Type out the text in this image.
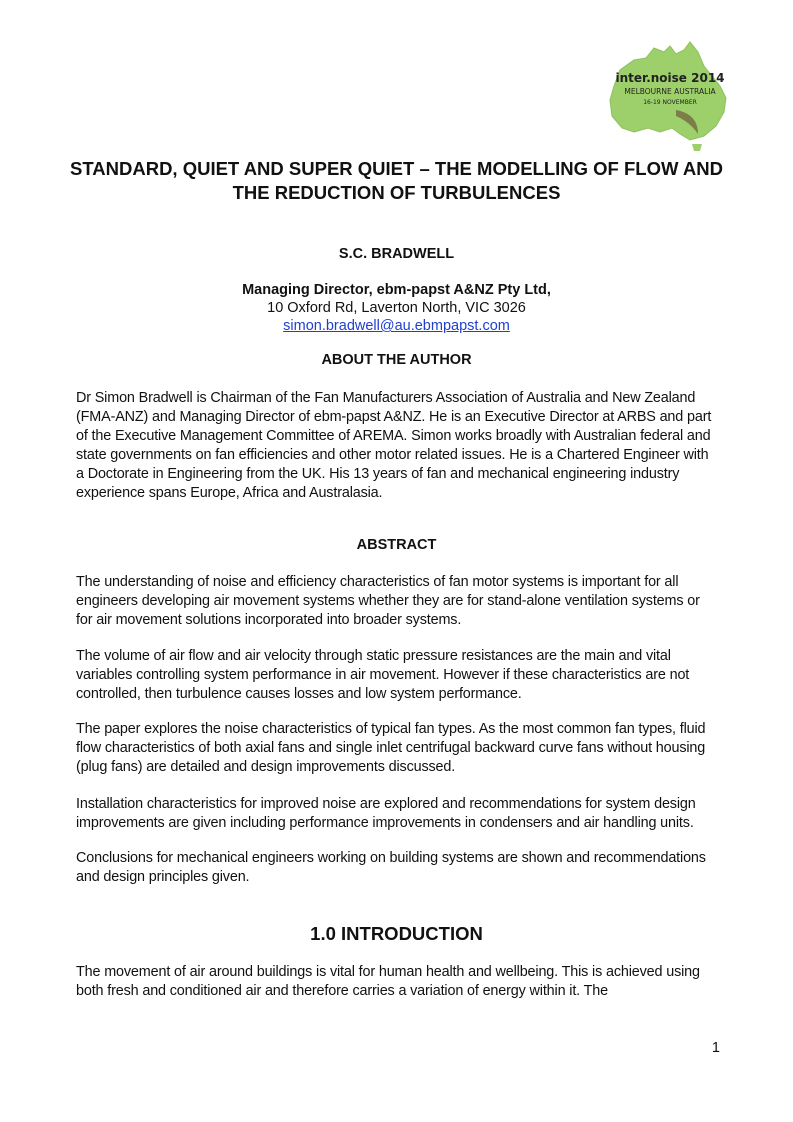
inter.noise 2014
MELBOURNE AUSTRALIA
16-19 NOVEMBER
STANDARD, QUIET AND SUPER QUIET – THE MODELLING OF FLOW AND THE REDUCTION OF TURBULENCES

S.C. BRADWELL

Managing Director, ebm-papst A&NZ Pty Ltd,

10 Oxford Rd, Laverton North, VIC 3026

simon.bradwell@au.ebmpapst.com

ABOUT THE AUTHOR

Dr Simon Bradwell is Chairman of the Fan Manufacturers Association of Australia and New Zealand (FMA-ANZ) and Managing Director of ebm-papst A&NZ. He is an Executive Director at ARBS and part of the Executive Management Committee of AREMA. Simon works broadly with Australian federal and state governments on fan efficiencies and other motor related issues. He is a Chartered Engineer with a Doctorate in Engineering from the UK. His 13 years of fan and mechanical engineering industry experience spans Europe, Africa and Australasia.

ABSTRACT

The understanding of noise and efficiency characteristics of fan motor systems is important for all engineers developing air movement systems whether they are for stand-alone ventilation systems or for air movement solutions incorporated into broader systems.

The volume of air flow and air velocity through static pressure resistances are the main and vital variables controlling system performance in air movement. However if these characteristics are not controlled, then turbulence causes losses and low system performance.

The paper explores the noise characteristics of typical fan types. As the most common fan types, fluid flow characteristics of both axial fans and single inlet centrifugal backward curve fans without housing (plug fans) are detailed and design improvements discussed.

Installation characteristics for improved noise are explored and recommendations for system design improvements are given including performance improvements in condensers and air handling units.

Conclusions for mechanical engineers working on building systems are shown and recommendations and design principles given.

1.0 INTRODUCTION

The movement of air around buildings is vital for human health and wellbeing. This is achieved using both fresh and conditioned air and therefore carries a variation of energy within it. The

1
